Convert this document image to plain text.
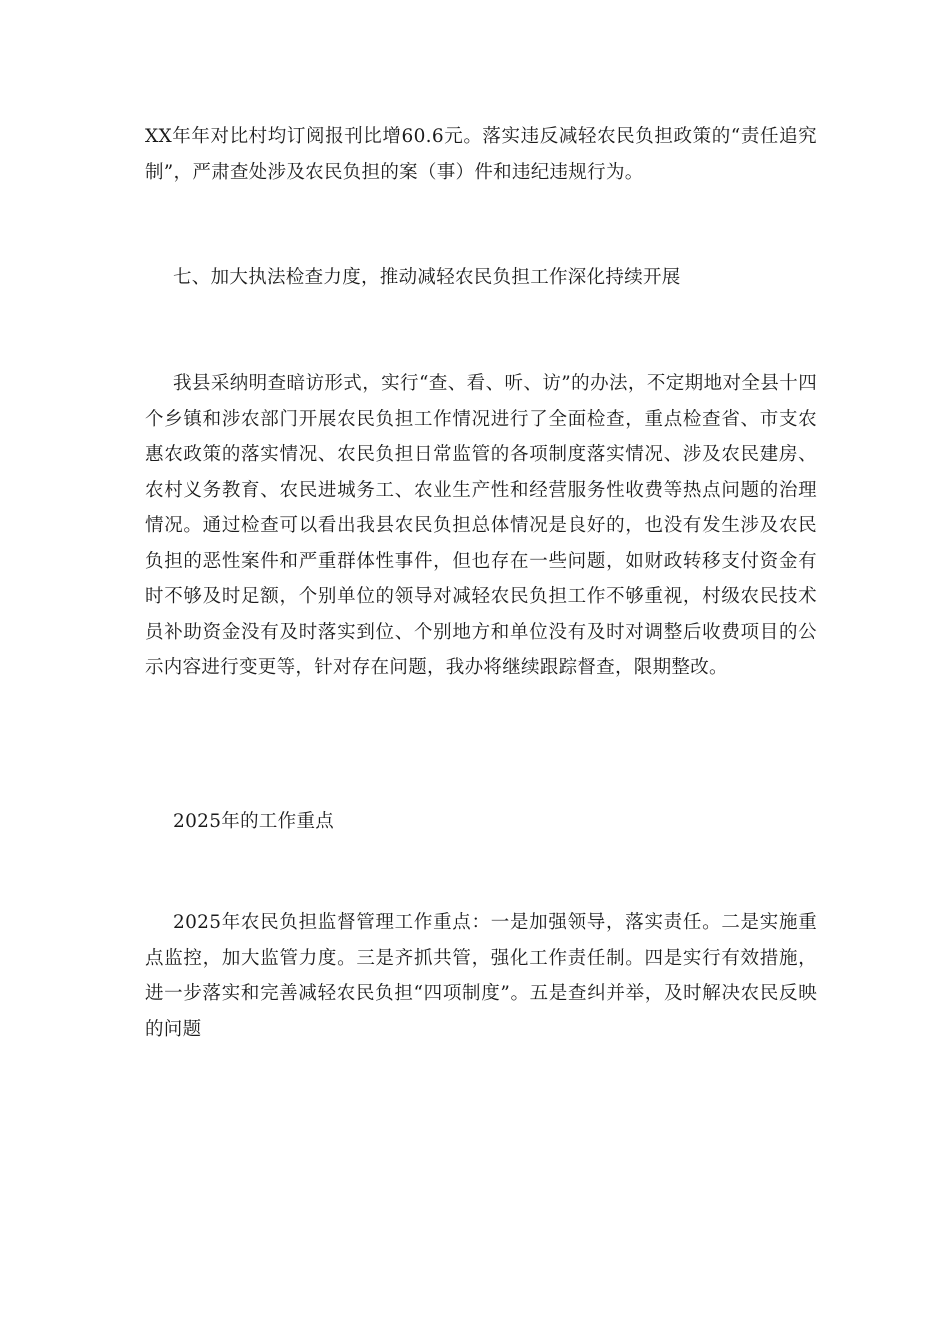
XX年年对比村均订阅报刊比增60.6元。落实违反减轻农民负担政策的“责任追究制”，严肃查处涉及农民负担的案（事）件和违纪违规行为。

七、加大执法检查力度，推动减轻农民负担工作深化持续开展

我县采纳明查暗访形式，实行“查、看、听、访”的办法，不定期地对全县十四个乡镇和涉农部门开展农民负担工作情况进行了全面检查，重点检查省、市支农惠农政策的落实情况、农民负担日常监管的各项制度落实情况、涉及农民建房、农村义务教育、农民进城务工、农业生产性和经营服务性收费等热点问题的治理情况。通过检查可以看出我县农民负担总体情况是良好的，也没有发生涉及农民负担的恶性案件和严重群体性事件，但也存在一些问题，如财政转移支付资金有时不够及时足额，个别单位的领导对减轻农民负担工作不够重视，村级农民技术员补助资金没有及时落实到位、个别地方和单位没有及时对调整后收费项目的公示内容进行变更等，针对存在问题，我办将继续跟踪督查，限期整改。

2025年的工作重点

2025年农民负担监督管理工作重点：一是加强领导，落实责任。二是实施重点监控，加大监管力度。三是齐抓共管，强化工作责任制。四是实行有效措施，进一步落实和完善减轻农民负担“四项制度”。五是查纠并举，及时解决农民反映的问题
